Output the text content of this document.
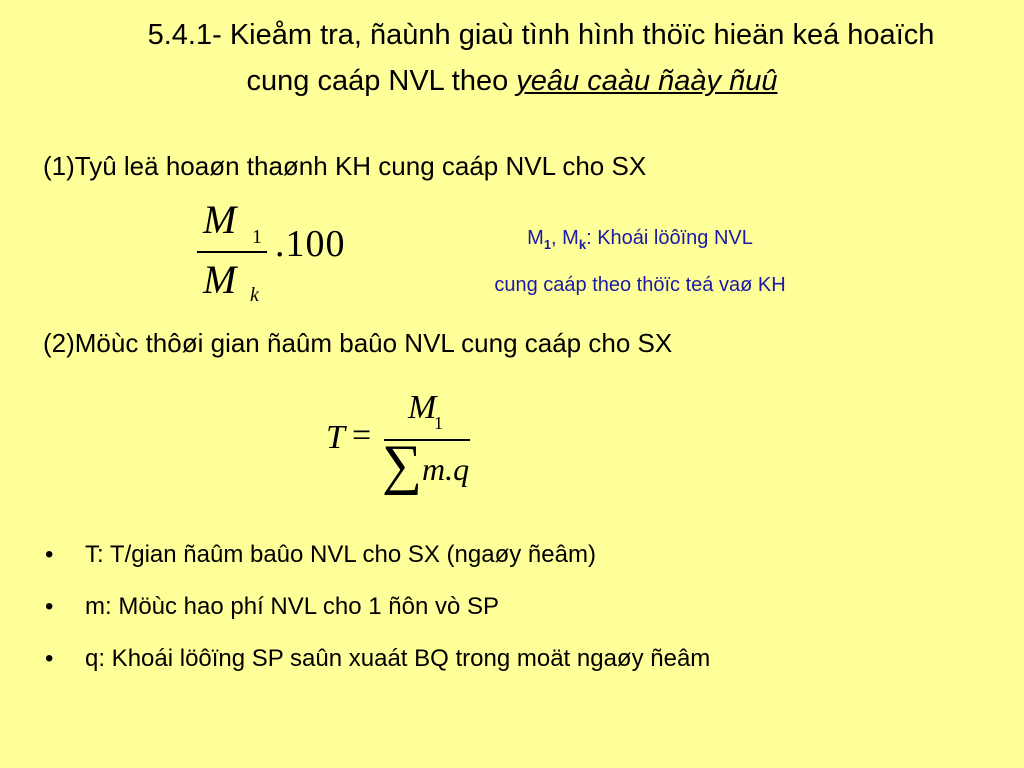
5.4.1- Kieåm tra, ñaùnh giaù tình hình thöïc hieän keá hoaïch
cung caáp NVL theo yeâu caàu ñaày ñuû
(1)Tyû leä hoaøn thaønh KH cung caáp NVL cho SX
M 1
M k
.100	$M_1$, $M_k$: Khoái löôïng NVL
cung caáp theo thöïc teá vaø KH
(2)Möùc thôøi gian ñaûm baûo NVL cung caáp cho SX
T =
M
1
∑ m.q
•	T: T/gian ñaûm baûo NVL cho SX (ngaøy ñeâm)
•	m: Möùc hao phí NVL cho 1 ñôn vò SP
•	q: Khoái löôïng SP saûn xuaát BQ trong moät ngaøy ñeâm
